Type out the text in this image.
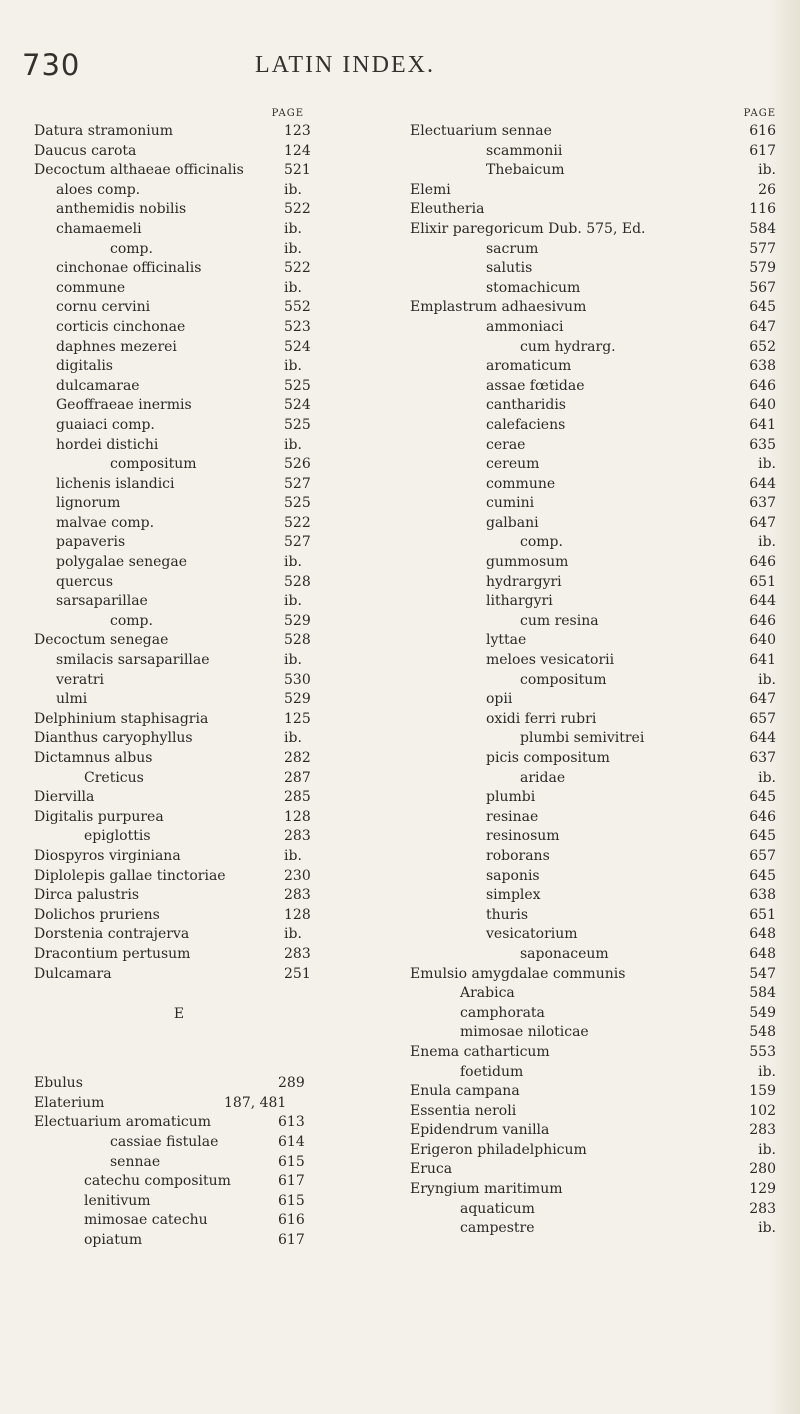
730	LATIN INDEX.
PAGE
Datura stramonium	123
Daucus carota	124
Decoctum althaeae officinalis	521
aloes comp.	ib.
anthemidis nobilis	522
chamaemeli	ib.
comp.	ib.
cinchonae officinalis	522
commune	ib.
cornu cervini	552
corticis cinchonae	523
daphnes mezerei	524
digitalis	ib.
dulcamarae	525
Geoffraeae inermis	524
guaiaci comp.	525
hordei distichi	ib.
compositum	526
lichenis islandici	527
lignorum	525
malvae comp.	522
papaveris	527
polygalae senegae	ib.
quercus	528
sarsaparillae	ib.
comp.	529
Decoctum senegae	528
smilacis sarsaparillae	ib.
veratri	530
ulmi	529
Delphinium staphisagria	125
Dianthus caryophyllus	ib.
Dictamnus albus	282
Creticus	287
Diervilla	285
Digitalis purpurea	128
epiglottis	283
Diospyros virginiana	ib.
Diplolepis gallae tinctoriae	230
Dirca palustris	283
Dolichos pruriens	128
Dorstenia contrajerva	ib.
Dracontium pertusum	283
Dulcamara	251
E
Ebulus	289
Elaterium	187, 481
Electuarium aromaticum	613
cassiae fistulae	614
sennae	615
catechu compositum	617
lenitivum	615
mimosae catechu	616
opiatum	617
PAGE
Electuarium sennae	616
scammonii	617
Thebaicum	ib.
Elemi	26
Eleutheria	116
Elixir paregoricum Dub. 575, Ed.	584
sacrum	577
salutis	579
stomachicum	567
Emplastrum adhaesivum	645
ammoniaci	647
cum hydrarg.	652
aromaticum	638
assae fœtidae	646
cantharidis	640
calefaciens	641
cerae	635
cereum	ib.
commune	644
cumini	637
galbani	647
comp.	ib.
gummosum	646
hydrargyri	651
lithargyri	644
cum resina	646
lyttae	640
meloes vesicatorii	641
compositum	ib.
opii	647
oxidi ferri rubri	657
plumbi semivitrei	644
picis compositum	637
aridae	ib.
plumbi	645
resinae	646
resinosum	645
roborans	657
saponis	645
simplex	638
thuris	651
vesicatorium	648
saponaceum	648
Emulsio amygdalae communis	547
Arabica	584
camphorata	549
mimosae niloticae	548
Enema catharticum	553
foetidum	ib.
Enula campana	159
Essentia neroli	102
Epidendrum vanilla	283
Erigeron philadelphicum	ib.
Eruca	280
Eryngium maritimum	129
aquaticum	283
campestre	ib.
